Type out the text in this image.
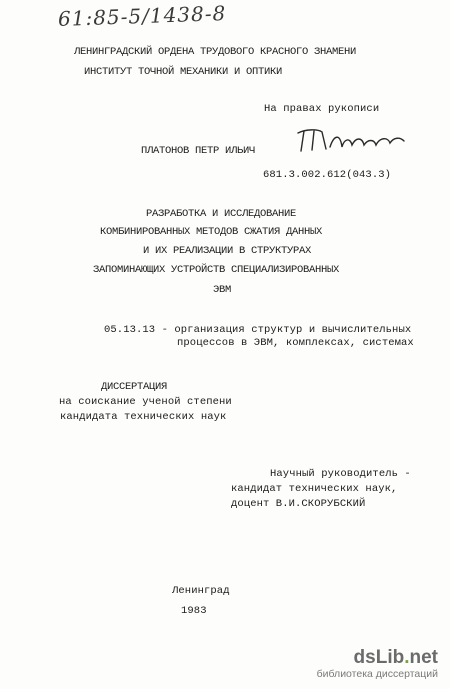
61:85-5/1438-8
ЛЕНИНГРАДСКИЙ ОРДЕНА ТРУДОВОГО КРАСНОГО ЗНАМЕНИ
ИНСТИТУТ ТОЧНОЙ МЕХАНИКИ И ОПТИКИ
На правах рукописи
ПЛАТОНОВ ПЕТР ИЛЬИЧ
681.3.002.612(043.3)
РАЗРАБОТКА И ИССЛЕДОВАНИЕ
КОМБИНИРОВАННЫХ МЕТОДОВ СЖАТИЯ ДАННЫХ
И ИХ РЕАЛИЗАЦИИ В СТРУКТУРАХ
ЗАПОМИНАЮЩИХ УСТРОЙСТВ СПЕЦИАЛИЗИРОВАННЫХ
ЭВМ
05.13.13 - организация структур и вычислительных
процессов в ЭВМ, комплексах, системах
ДИССЕРТАЦИЯ
на соискание ученой степени
кандидата технических наук
Научный руководитель -
кандидат технических наук,
доцент В.И.СКОРУБСКИЙ
Ленинград
1983
dsLib.net
библиотека диссертаций
